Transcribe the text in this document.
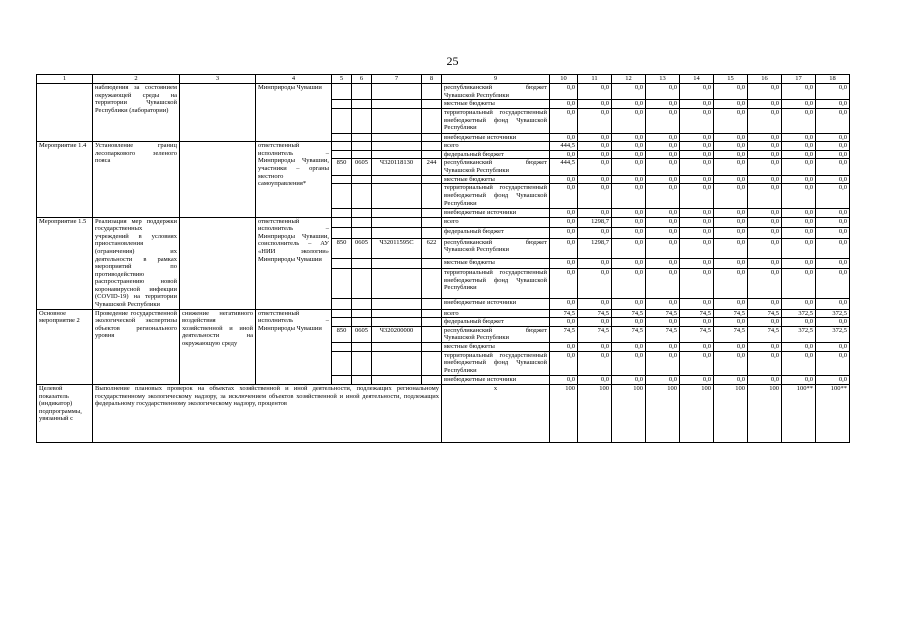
25
1	2	3	4	5	6	7	8	9	10	11	12	13	14	15	16	17	18
	наблюдения за состоянием окружающей среды на территории Чувашской Республики (лаборатории)		Минприроды Чувашии					республиканский бюджет Чувашской Республики	0,0	0,0	0,0	0,0	0,0	0,0	0,0	0,0	0,0
								местные бюджеты	0,0	0,0	0,0	0,0	0,0	0,0	0,0	0,0	0,0
								территориальный государственный внебюджетный фонд Чувашской Республики	0,0	0,0	0,0	0,0	0,0	0,0	0,0	0,0	0,0
								внебюджетные источники	0,0	0,0	0,0	0,0	0,0	0,0	0,0	0,0	0,0
Мероприятие 1.4	Установление границ лесопаркового зеленого пояса		ответственный исполнитель – Минприроды Чувашии, участники – органы местного самоуправления*					всего	444,5	0,0	0,0	0,0	0,0	0,0	0,0	0,0	0,0
								федеральный бюджет	0,0	0,0	0,0	0,0	0,0	0,0	0,0	0,0	0,0
				850	0605	Ч320118130	244	республиканский бюджет Чувашской Республики	444,5	0,0	0,0	0,0	0,0	0,0	0,0	0,0	0,0
								местные бюджеты	0,0	0,0	0,0	0,0	0,0	0,0	0,0	0,0	0,0
								территориальный государственный внебюджетный фонд Чувашской Республики	0,0	0,0	0,0	0,0	0,0	0,0	0,0	0,0	0,0
								внебюджетные источники	0,0	0,0	0,0	0,0	0,0	0,0	0,0	0,0	0,0
Мероприятие 1.5	Реализация мер поддержки государственных учреждений в условиях приостановления (ограничения) их деятельности в рамках мероприятий по противодействию распространению новой коронавирусной инфекции (COVID-19) на территории Чувашской Республики		ответственный исполнитель – Минприроды Чувашии, соисполнитель – АУ «НИИ экологии» Минприроды Чувашии					всего	0,0	1298,7	0,0	0,0	0,0	0,0	0,0	0,0	0,0
								федеральный бюджет	0,0	0,0	0,0	0,0	0,0	0,0	0,0	0,0	0,0
				850	0605	Ч32011595С	622	республиканский бюджет Чувашской Республики	0,0	1298,7	0,0	0,0	0,0	0,0	0,0	0,0	0,0
								местные бюджеты	0,0	0,0	0,0	0,0	0,0	0,0	0,0	0,0	0,0
								территориальный государственный внебюджетный фонд Чувашской Республики	0,0	0,0	0,0	0,0	0,0	0,0	0,0	0,0	0,0
								внебюджетные источники	0,0	0,0	0,0	0,0	0,0	0,0	0,0	0,0	0,0
Основное мероприятие 2	Проведение государственной экологической экспертизы объектов регионального уровня	снижение негативного воздействия хозяйственной и иной деятельности на окружающую среду	ответственный исполнитель – Минприроды Чувашии					всего	74,5	74,5	74,5	74,5	74,5	74,5	74,5	372,5	372,5
								федеральный бюджет	0,0	0,0	0,0	0,0	0,0	0,0	0,0	0,0	0,0
				850	0605	Ч320200000		республиканский бюджет Чувашской Республики	74,5	74,5	74,5	74,5	74,5	74,5	74,5	372,5	372,5
								местные бюджеты	0,0	0,0	0,0	0,0	0,0	0,0	0,0	0,0	0,0
								территориальный государственный внебюджетный фонд Чувашской Республики	0,0	0,0	0,0	0,0	0,0	0,0	0,0	0,0	0,0
								внебюджетные источники	0,0	0,0	0,0	0,0	0,0	0,0	0,0	0,0	0,0
Целевой показатель (индикатор) подпрограммы, увязанный с	Выполнение плановых проверок на объектах хозяйственной и иной деятельности, подлежащих региональному государственному экологическому надзору, за исключением объектов хозяйственной и иной деятельности, подлежащих федеральному государственному экологическому надзору, процентов							х	100	100	100	100	100	100	100	100**	100**
